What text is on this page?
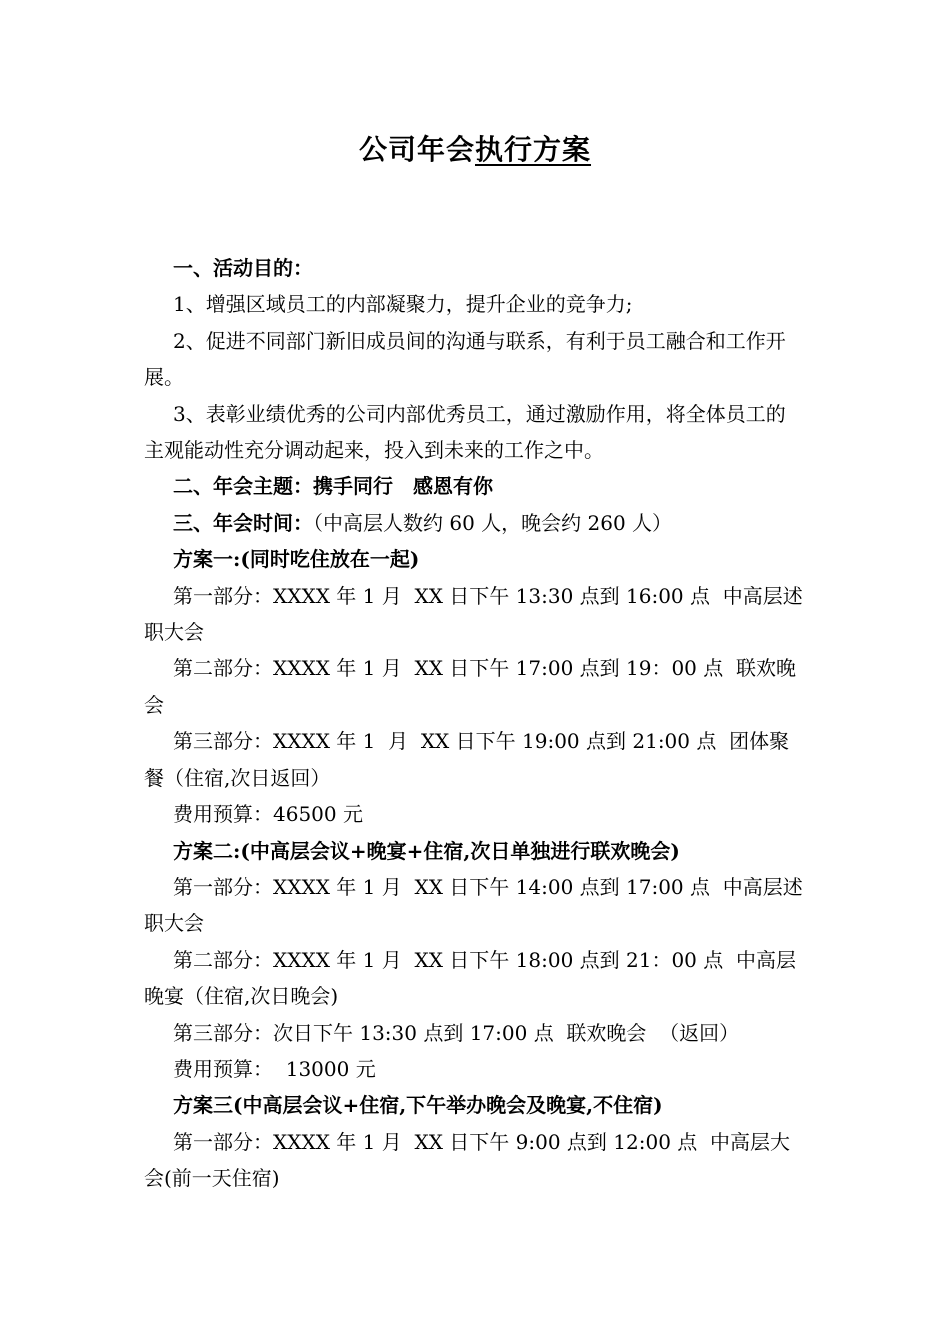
公司年会执行方案

一、活动目的：

1、增强区域员工的内部凝聚力，提升企业的竞争力;

2、促进不同部门新旧成员间的沟通与联系，有利于员工融合和工作开展。

3、表彰业绩优秀的公司内部优秀员工，通过激励作用，将全体员工的主观能动性充分调动起来，投入到未来的工作之中。

二、年会主题：携手同行　感恩有你

三、年会时间：（中高层人数约 60 人，晚会约 260 人）

方案一:(同时吃住放在一起)

第一部分：XXXX 年 1 月  XX 日下午 13:30 点到 16:00 点  中高层述职大会

第二部分：XXXX 年 1 月  XX 日下午 17:00 点到 19：00 点  联欢晚会

第三部分：XXXX 年 1  月  XX 日下午 19:00 点到 21:00 点  团体聚餐（住宿,次日返回）

费用预算：46500 元

方案二:(中高层会议+晚宴+住宿,次日单独进行联欢晚会)

第一部分：XXXX 年 1 月  XX 日下午 14:00 点到 17:00 点  中高层述职大会

第二部分：XXXX 年 1 月  XX 日下午 18:00 点到 21：00 点  中高层晚宴（住宿,次日晚会)

第三部分：次日下午 13:30 点到 17:00 点  联欢晚会  （返回）

费用预算：  13000 元

方案三(中高层会议+住宿,下午举办晚会及晚宴,不住宿)

第一部分：XXXX 年 1 月  XX 日下午 9:00 点到 12:00 点  中高层大会(前一天住宿)
